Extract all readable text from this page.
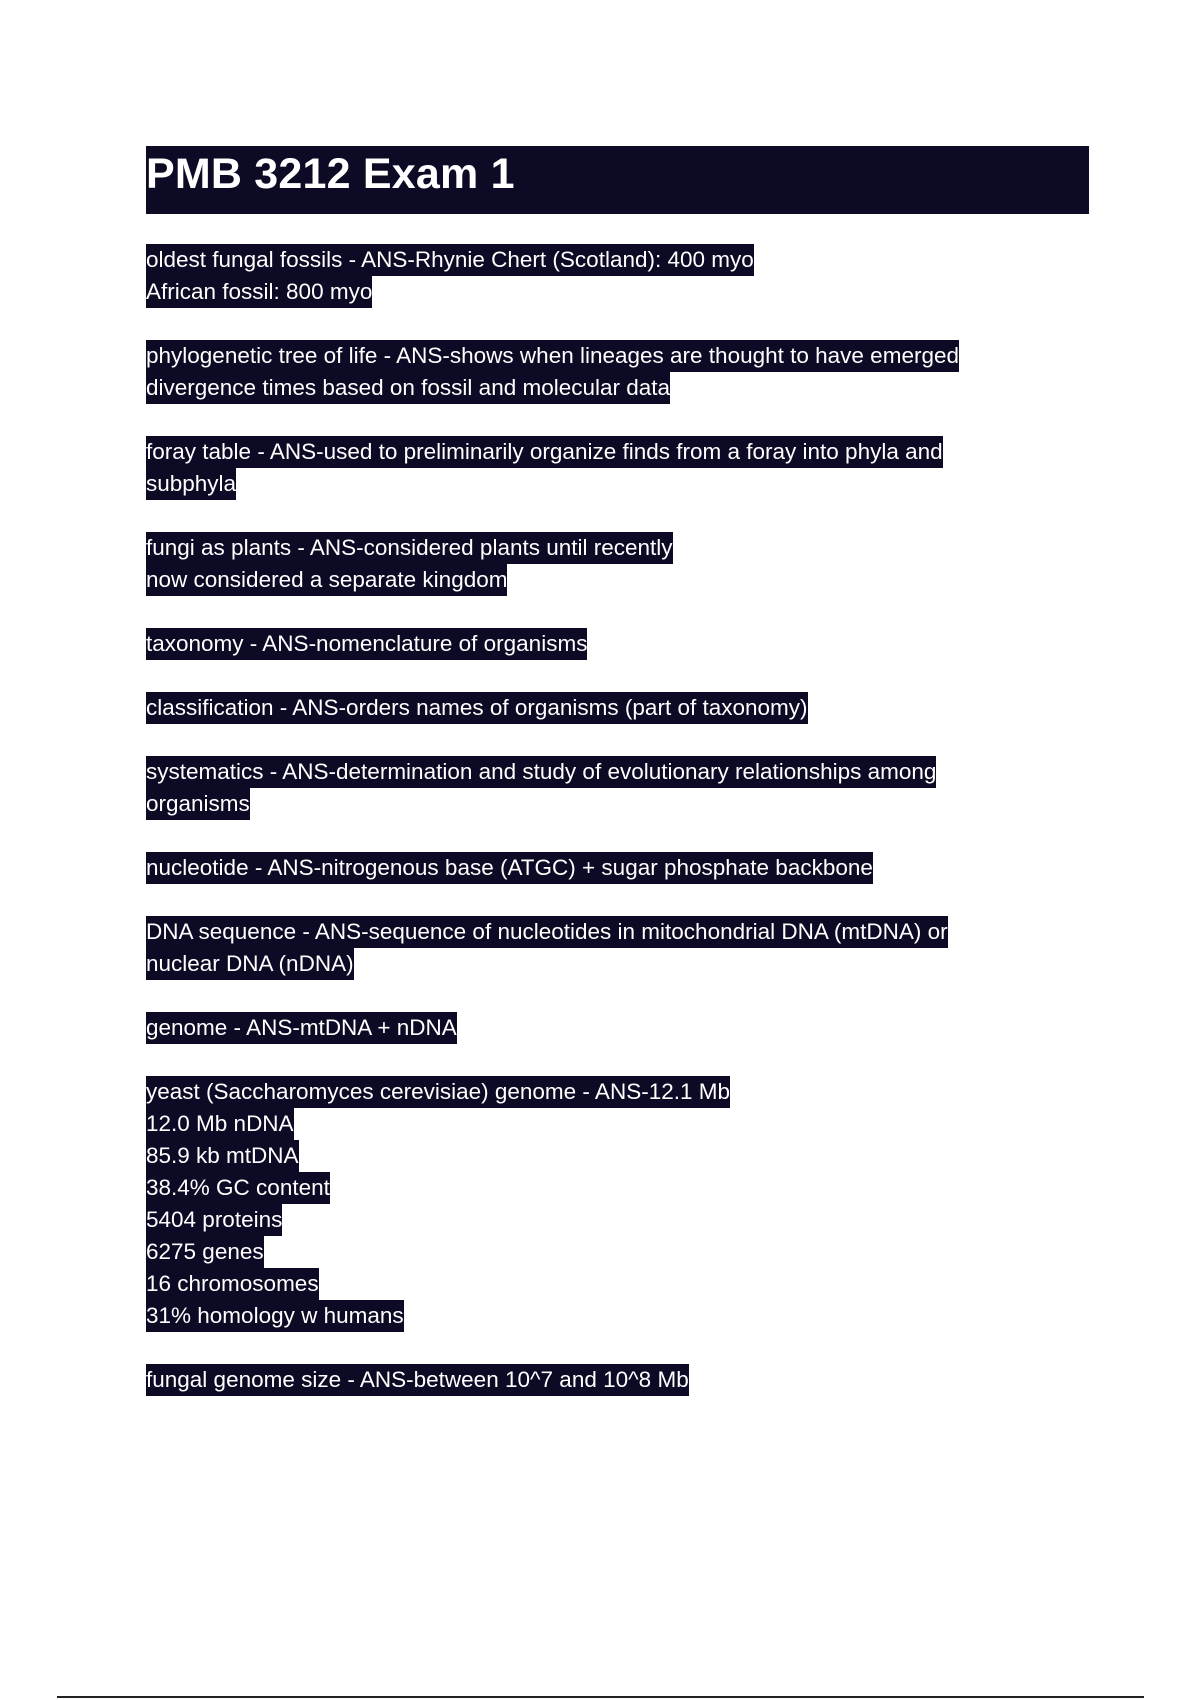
PMB 3212 Exam 1
oldest fungal fossils - ANS-Rhynie Chert (Scotland): 400 myo
African fossil: 800 myo
phylogenetic tree of life - ANS-shows when lineages are thought to have emerged
divergence times based on fossil and molecular data
foray table - ANS-used to preliminarily organize finds from a foray into phyla and
subphyla
fungi as plants - ANS-considered plants until recently
now considered a separate kingdom
taxonomy - ANS-nomenclature of organisms
classification - ANS-orders names of organisms (part of taxonomy)
systematics - ANS-determination and study of evolutionary relationships among
organisms
nucleotide - ANS-nitrogenous base (ATGC) + sugar phosphate backbone
DNA sequence - ANS-sequence of nucleotides in mitochondrial DNA (mtDNA) or
nuclear DNA (nDNA)
genome - ANS-mtDNA + nDNA
yeast (Saccharomyces cerevisiae) genome - ANS-12.1 Mb
12.0 Mb nDNA
85.9 kb mtDNA
38.4% GC content
5404 proteins
6275 genes
16 chromosomes
31% homology w humans
fungal genome size - ANS-between 10^7 and 10^8 Mb
